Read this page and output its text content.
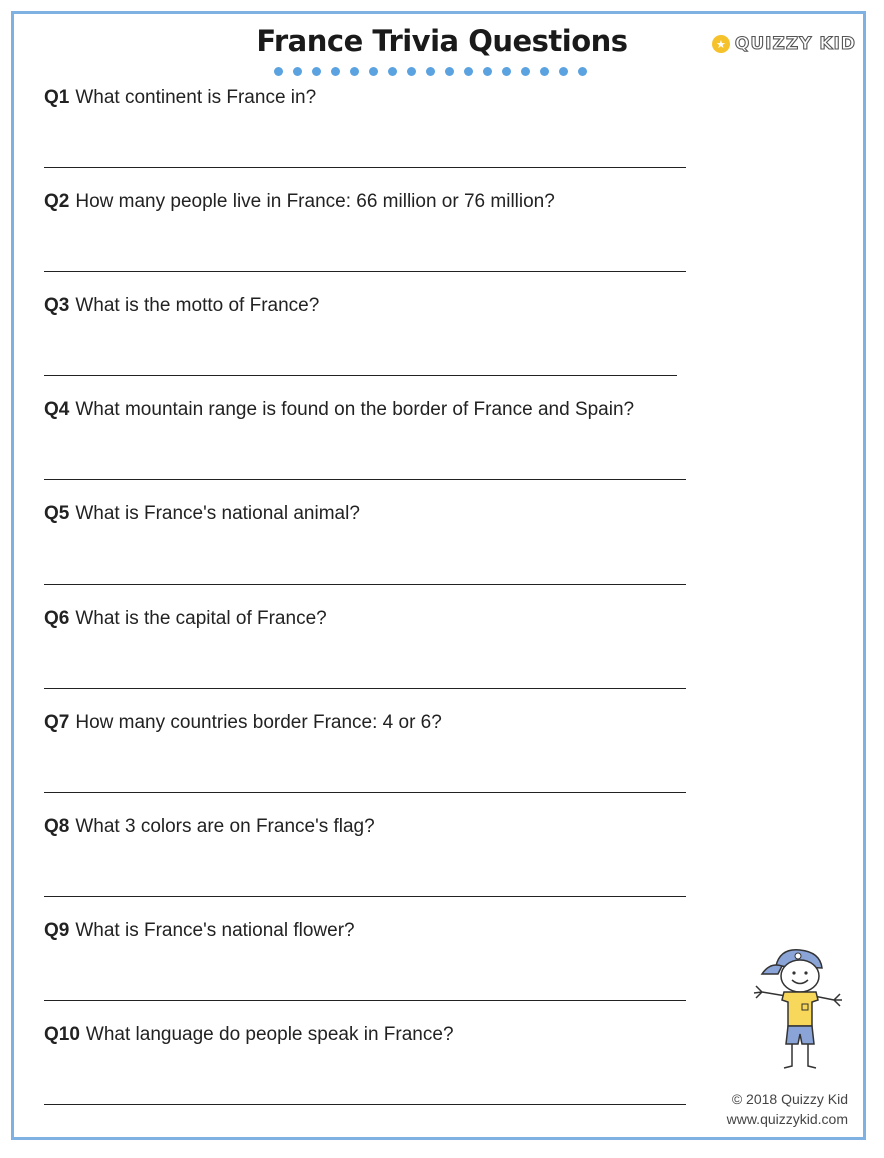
France Trivia Questions	★ QUIZZY KID
Q1 What continent is France in?
Q2 How many people live in France: 66 million or 76 million?
Q3 What is the motto of France?
Q4 What mountain range is found on the border of France and Spain?
Q5 What is France's national animal?
Q6 What is the capital of France?
Q7 How many countries border France: 4 or 6?
Q8 What 3 colors are on France's flag?
Q9 What is France's national flower?
Q10 What language do people speak in France?
© 2018 Quizzy Kid
www.quizzykid.com
